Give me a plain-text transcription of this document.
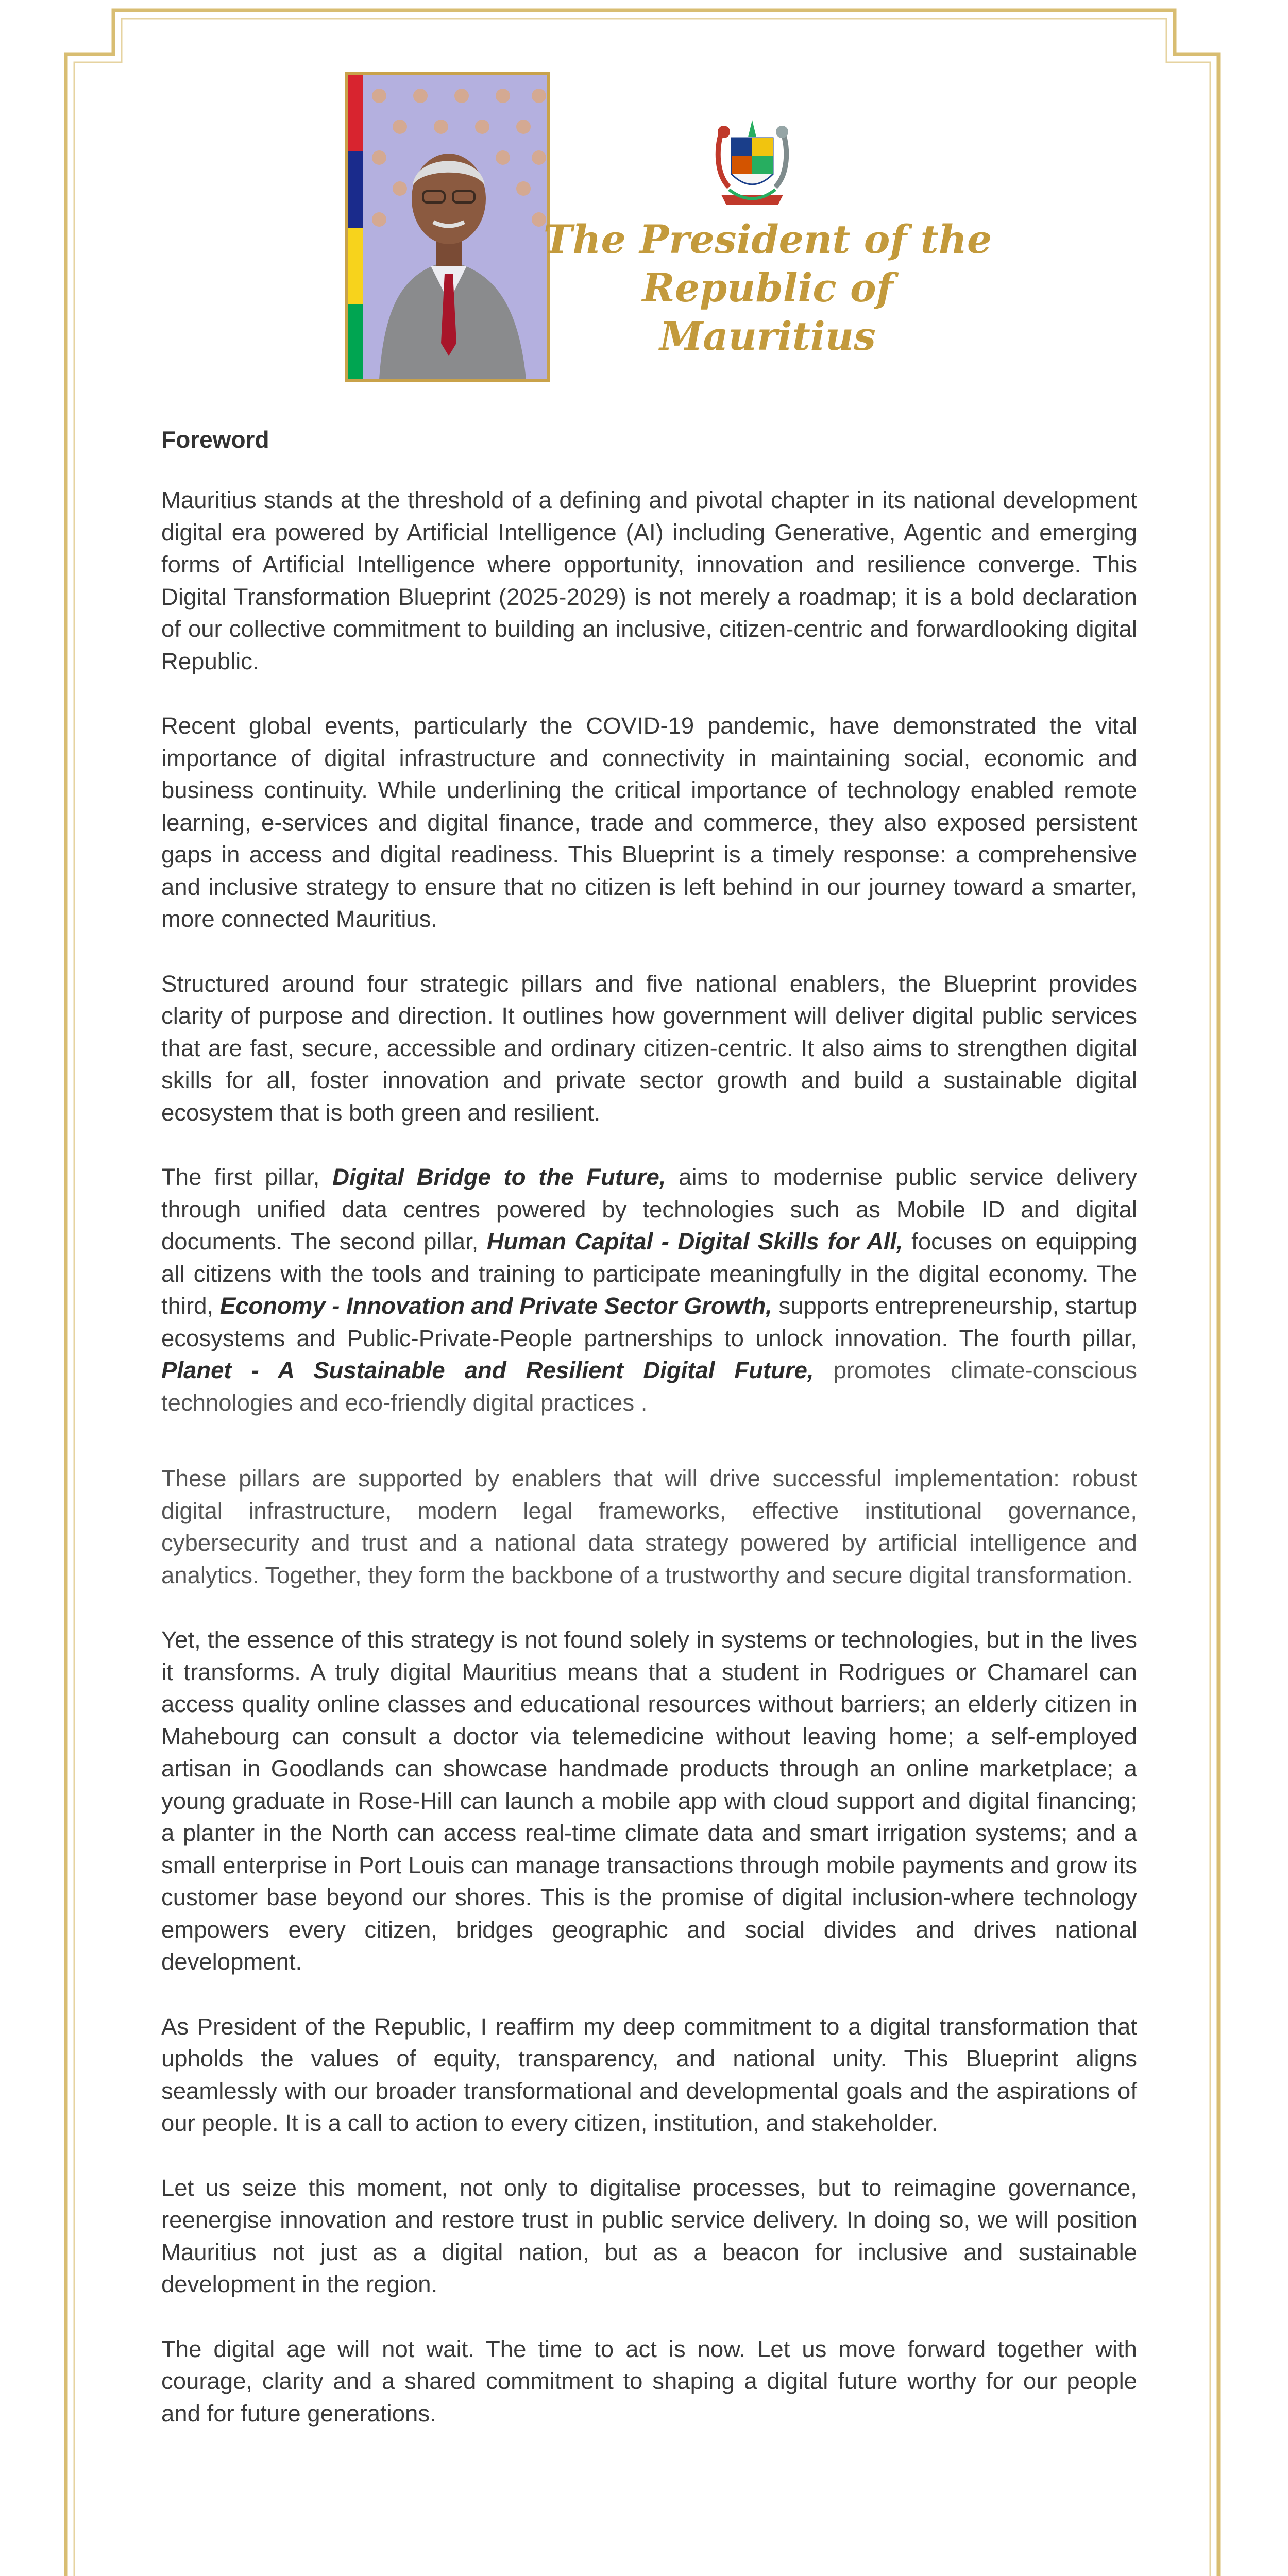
The President of the
Republic of Mauritius
Foreword

Mauritius stands at the threshold of a defining and pivotal chapter in its national development digital era powered by Artificial Intelligence (AI) including Generative, Agentic and emerging forms of Artificial Intelligence where opportunity, innovation and resilience converge. This Digital Transformation Blueprint (2025-2029) is not merely a roadmap; it is a bold declaration of our collective commitment to building an inclusive, citizen-centric and forwardlooking digital Republic.

Recent global events, particularly the COVID-19 pandemic, have demonstrated the vital importance of digital infrastructure and connectivity in maintaining social, economic and business continuity. While underlining the critical importance of technology enabled remote learning, e-services and digital finance, trade and commerce, they also exposed persistent gaps in access and digital readiness. This Blueprint is a timely response: a comprehensive and inclusive strategy to ensure that no citizen is left behind in our journey toward a smarter, more connected Mauritius.

Structured around four strategic pillars and five national enablers, the Blueprint provides clarity of purpose and direction. It outlines how government will deliver digital public services that are fast, secure, accessible and ordinary citizen-centric. It also aims to strengthen digital skills for all, foster innovation and private sector growth and build a sustainable digital ecosystem that is both green and resilient.

The first pillar, Digital Bridge to the Future, aims to modernise public service delivery through unified data centres powered by technologies such as Mobile ID and digital documents. The second pillar, Human Capital - Digital Skills for All, focuses on equipping all citizens with the tools and training to participate meaningfully in the digital economy. The third, Economy - Innovation and Private Sector Growth, supports entrepreneurship, startup ecosystems and Public-Private-People partnerships to unlock innovation. The fourth pillar, Planet - A Sustainable and Resilient Digital Future, promotes climate-conscious technologies and eco-friendly digital practices .

These pillars are supported by enablers that will drive successful implementation: robust digital infrastructure, modern legal frameworks, effective institutional governance, cybersecurity and trust and a national data strategy powered by artificial intelligence and analytics. Together, they form the backbone of a trustworthy and secure digital transformation.

Yet, the essence of this strategy is not found solely in systems or technologies, but in the lives it transforms. A truly digital Mauritius means that a student in Rodrigues or Chamarel can access quality online classes and educational resources without barriers; an elderly citizen in Mahebourg can consult a doctor via telemedicine without leaving home; a self-employed artisan in Goodlands can showcase handmade products through an online marketplace; a young graduate in Rose-Hill can launch a mobile app with cloud support and digital financing; a planter in the North can access real-time climate data and smart irrigation systems; and a small enterprise in Port Louis can manage transactions through mobile payments and grow its customer base beyond our shores. This is the promise of digital inclusion-where technology empowers every citizen, bridges geographic and social divides and drives national development.

As President of the Republic, I reaffirm my deep commitment to a digital transformation that upholds the values of equity, transparency, and national unity. This Blueprint aligns seamlessly with our broader transformational and developmental goals and the aspirations of our people. It is a call to action to every citizen, institution, and stakeholder.

Let us seize this moment, not only to digitalise processes, but to reimagine governance, reenergise innovation and restore trust in public service delivery. In doing so, we will position Mauritius not just as a digital nation, but as a beacon for inclusive and sustainable development in the region.

The digital age will not wait. The time to act is now. Let us move forward together with courage, clarity and a shared commitment to shaping a digital future worthy for our people and for future generations.
